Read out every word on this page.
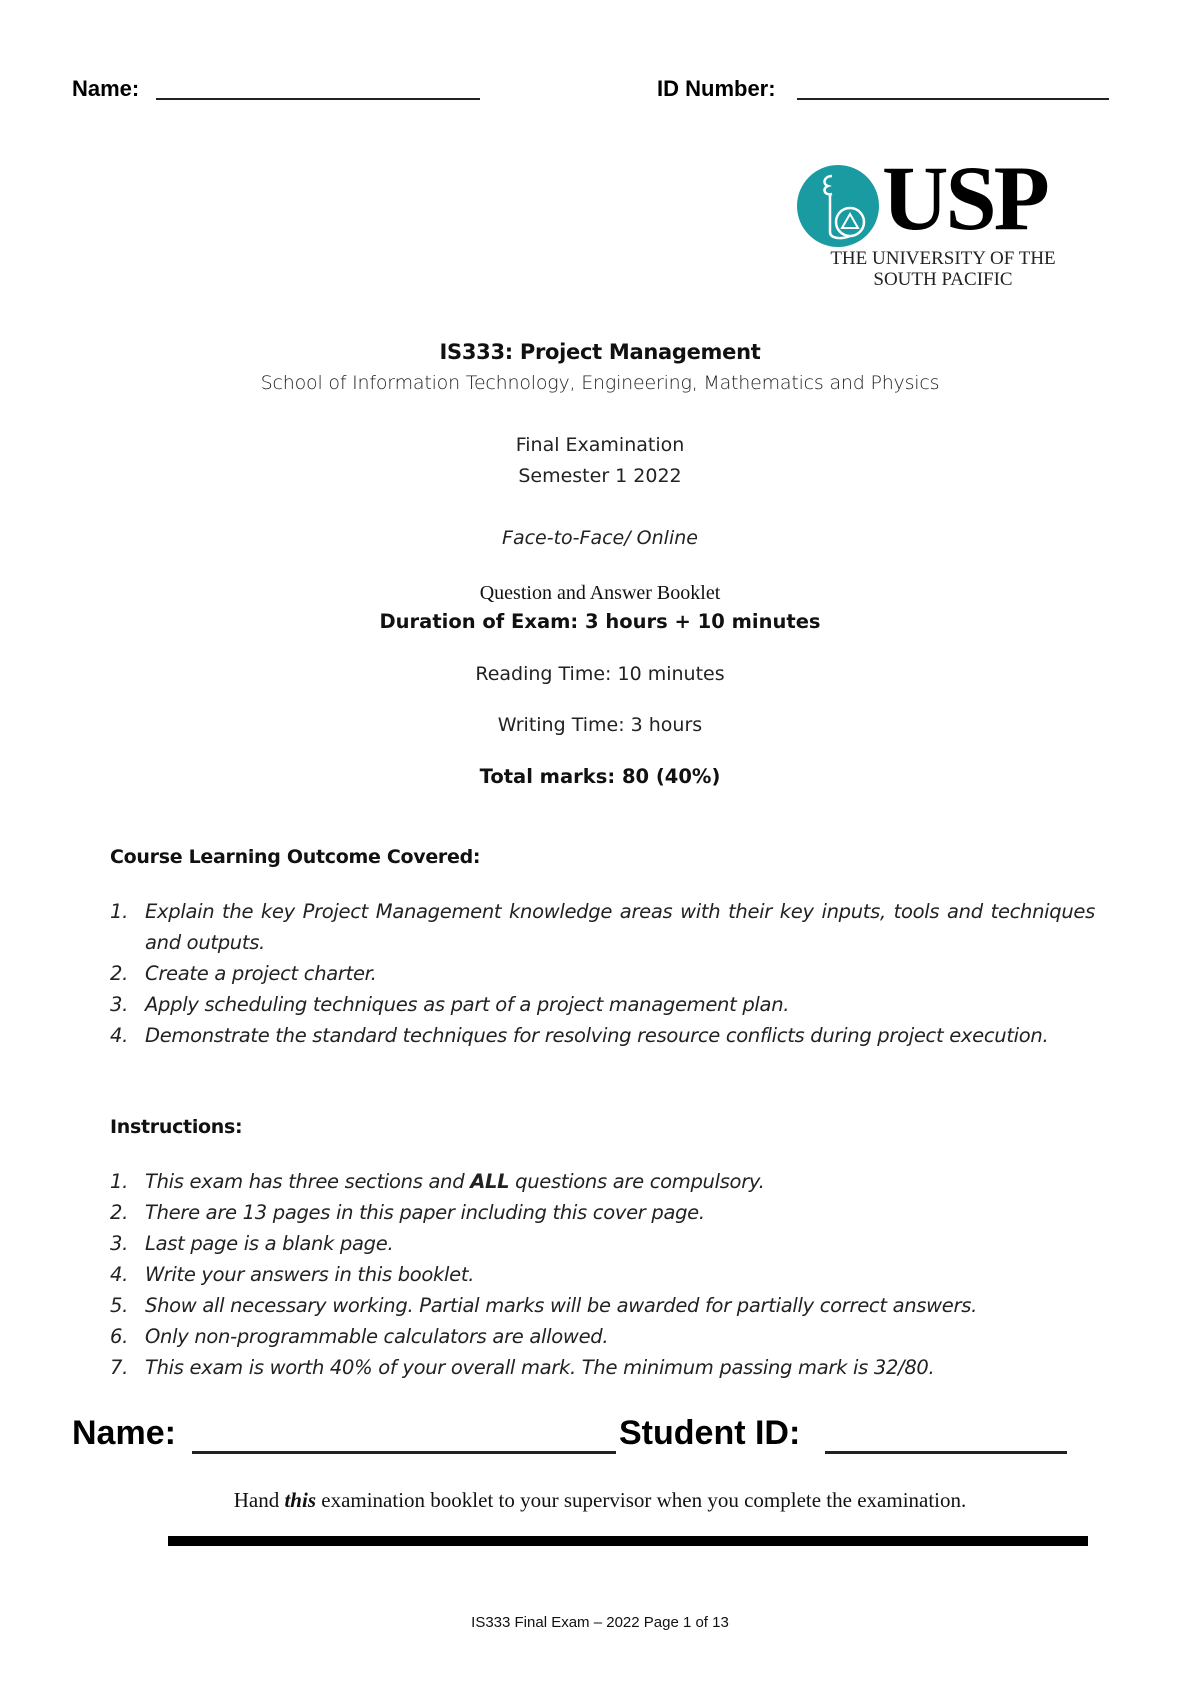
Name:	ID Number:
USP
THE UNIVERSITY OF THE
SOUTH PACIFIC
IS333: Project Management
School of Information Technology, Engineering, Mathematics and Physics
Final Examination
Semester 1 2022
Face-to-Face/ Online
Question and Answer Booklet
Duration of Exam: 3 hours + 10 minutes
Reading Time: 10 minutes
Writing Time: 3 hours
Total marks: 80 (40%)
Course Learning Outcome Covered:
1. Explain the key Project Management knowledge areas with their key inputs, tools and techniques and outputs.
2. Create a project charter.
3. Apply scheduling techniques as part of a project management plan.
4. Demonstrate the standard techniques for resolving resource conflicts during project execution.
Instructions:
1. This exam has three sections and ALL questions are compulsory.
2. There are 13 pages in this paper including this cover page.
3. Last page is a blank page.
4. Write your answers in this booklet.
5. Show all necessary working. Partial marks will be awarded for partially correct answers.
6. Only non-programmable calculators are allowed.
7. This exam is worth 40% of your overall mark. The minimum passing mark is 32/80.
Name:	Student ID:
Hand this examination booklet to your supervisor when you complete the examination.
IS333 Final Exam – 2022 Page 1 of 13
